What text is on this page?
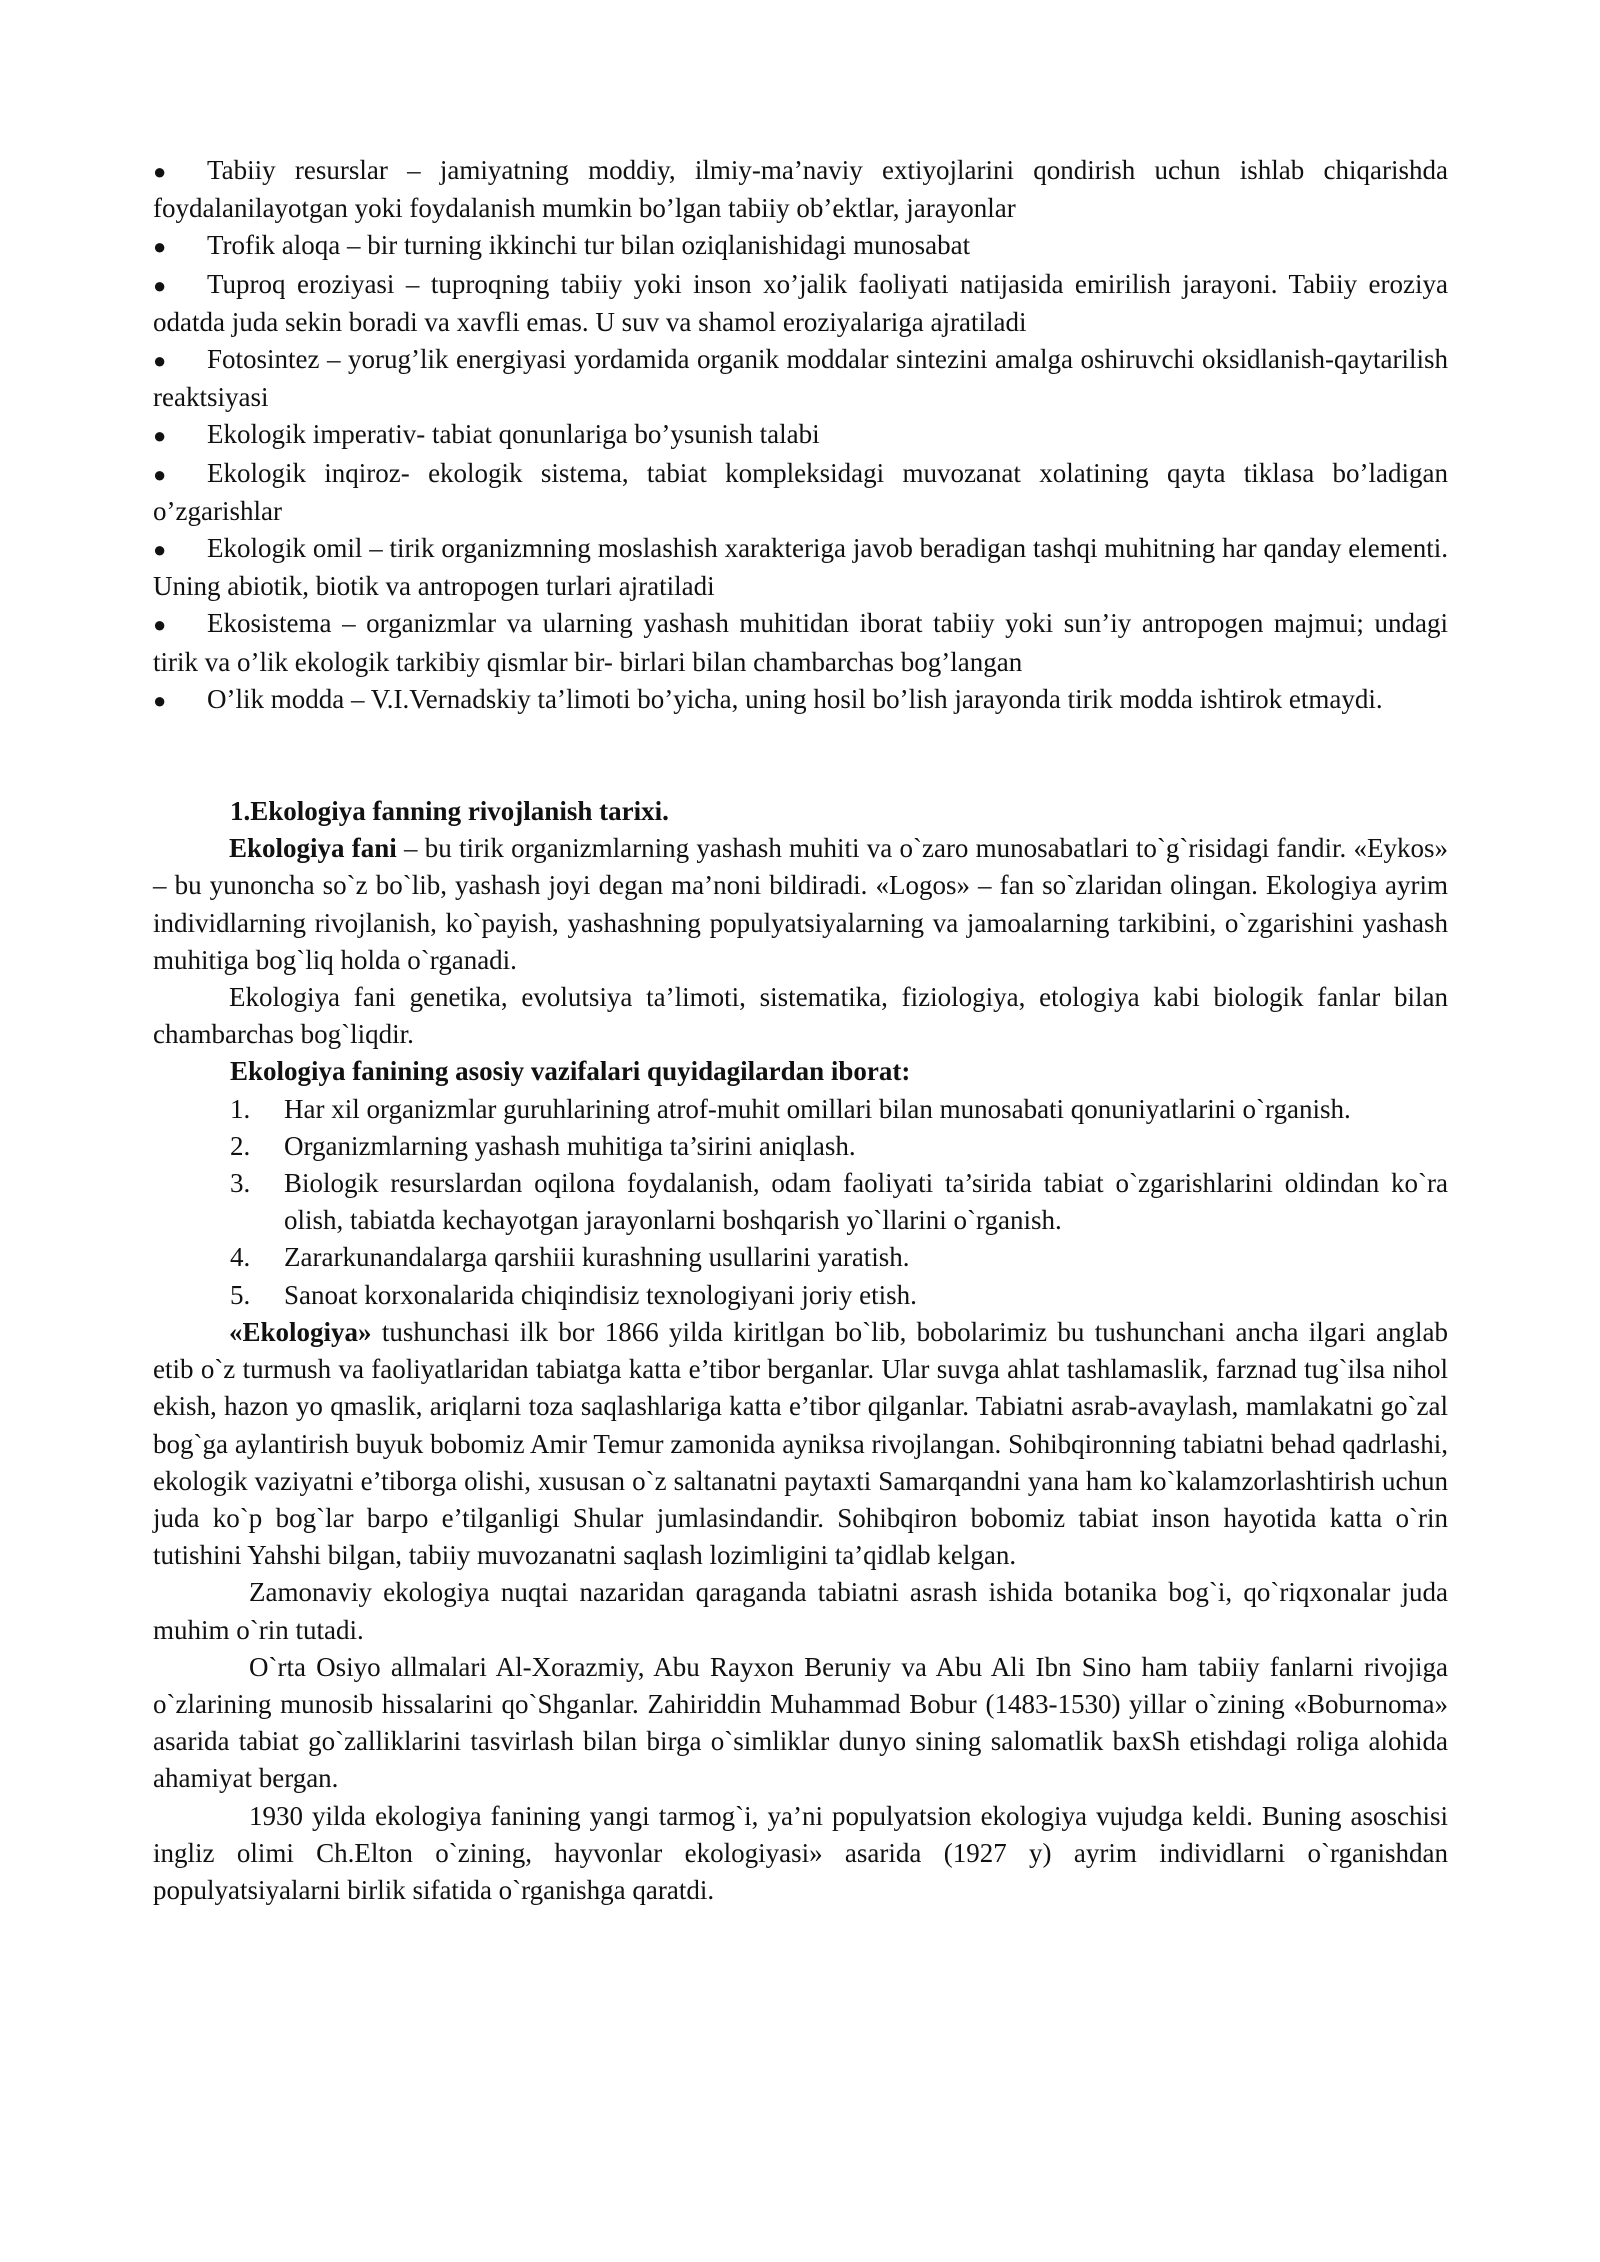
● Tabiiy resurslar – jamiyatning moddiy, ilmiy-ma’naviy extiyojlarini qondirish uchun ishlab chiqarishda foydalanilayotgan yoki foydalanish mumkin bo’lgan tabiiy ob’ektlar, jarayonlar
● Trofik aloqa – bir turning ikkinchi tur bilan oziqlanishidagi munosabat
● Tuproq eroziyasi – tuproqning tabiiy yoki inson xo’jalik faoliyati natijasida emirilish jarayoni. Tabiiy eroziya odatda juda sekin boradi va xavfli emas. U suv va shamol eroziyalariga ajratiladi
● Fotosintez – yorug’lik energiyasi yordamida organik moddalar sintezini amalga oshiruvchi oksidlanish-qaytarilish reaktsiyasi
● Ekologik imperativ- tabiat qonunlariga bo’ysunish talabi
● Ekologik inqiroz- ekologik sistema, tabiat kompleksidagi muvozanat xolatining qayta tiklasa bo’ladigan o’zgarishlar
● Ekologik omil – tirik organizmning moslashish xarakteriga javob beradigan tashqi muhitning har qanday elementi. Uning abiotik, biotik va antropogen turlari ajratiladi
● Ekosistema – organizmlar va ularning yashash muhitidan iborat tabiiy yoki sun’iy antropogen majmui; undagi tirik va o’lik ekologik tarkibiy qismlar bir- birlari bilan chambarchas bog’langan
● O’lik modda – V.I.Vernadskiy ta’limoti bo’yicha, uning hosil bo’lish jarayonda tirik modda ishtirok etmaydi.

1.Ekologiya fanning rivojlanish tarixi.

Ekologiya fani – bu tirik organizmlarning yashash muhiti va o`zaro munosabatlari to`g`risidagi fandir. «Eykos» – bu yunoncha so`z bo`lib, yashash joyi degan ma’noni bildiradi. «Logos» – fan so`zlaridan olingan. Ekologiya ayrim individlarning rivojlanish, ko`payish, yashashning populyatsiyalarning va jamoalarning tarkibini, o`zgarishini yashash muhitiga bog`liq holda o`rganadi.

Ekologiya fani genetika, evolutsiya ta’limoti, sistematika, fiziologiya, etologiya kabi biologik fanlar bilan chambarchas bog`liqdir.

Ekologiya fanining asosiy vazifalari quyidagilardan iborat:

1. Har xil organizmlar guruhlarining atrof-muhit omillari bilan munosabati qonuniyatlarini o`rganish.
2. Organizmlarning yashash muhitiga ta’sirini aniqlash.
3. Biologik resurslardan oqilona foydalanish, odam faoliyati ta’sirida tabiat o`zgarishlarini oldindan ko`ra olish, tabiatda kechayotgan jarayonlarni boshqarish yo`llarini o`rganish.
4. Zararkunandalarga qarshiii kurashning usullarini yaratish.
5. Sanoat korxonalarida chiqindisiz texnologiyani joriy etish.

«Ekologiya» tushunchasi ilk bor 1866 yilda kiritlgan bo`lib, bobolarimiz bu tushunchani ancha ilgari anglab etib o`z turmush va faoliyatlaridan tabiatga katta e’tibor berganlar. Ular suvga ahlat tashlamaslik, farznad tug`ilsa nihol ekish, hazon yo qmaslik, ariqlarni toza saqlashlariga katta e’tibor qilganlar. Tabiatni asrab-avaylash, mamlakatni go`zal bog`ga aylantirish buyuk bobomiz Amir Temur zamonida ayniksa rivojlangan. Sohibqironning tabiatni behad qadrlashi, ekologik vaziyatni e’tiborga olishi, xususan o`z saltanatni paytaxti Samarqandni yana ham ko`kalamzorlashtirish uchun juda ko`p bog`lar barpo e’tilganligi Shular jumlasindandir. Sohibqiron bobomiz tabiat inson hayotida katta o`rin tutishini Yahshi bilgan, tabiiy muvozanatni saqlash lozimligini ta’qidlab kelgan.

Zamonaviy ekologiya nuqtai nazaridan qaraganda tabiatni asrash ishida botanika bog`i, qo`riqxonalar juda muhim o`rin tutadi.

O`rta Osiyo allmalari Al-Xorazmiy, Abu Rayxon Beruniy va Abu Ali Ibn Sino ham tabiiy fanlarni rivojiga o`zlarining munosib hissalarini qo`Shganlar. Zahiriddin Muhammad Bobur (1483-1530) yillar o`zining «Boburnoma» asarida tabiat go`zalliklarini tasvirlash bilan birga o`simliklar dunyo sining salomatlik baxSh etishdagi roliga alohida ahamiyat bergan.

1930 yilda ekologiya fanining yangi tarmog`i, ya’ni populyatsion ekologiya vujudga keldi. Buning asoschisi ingliz olimi Ch.Elton o`zining, hayvonlar ekologiyasi» asarida (1927 y) ayrim individlarni o`rganishdan populyatsiyalarni birlik sifatida o`rganishga qaratdi.
